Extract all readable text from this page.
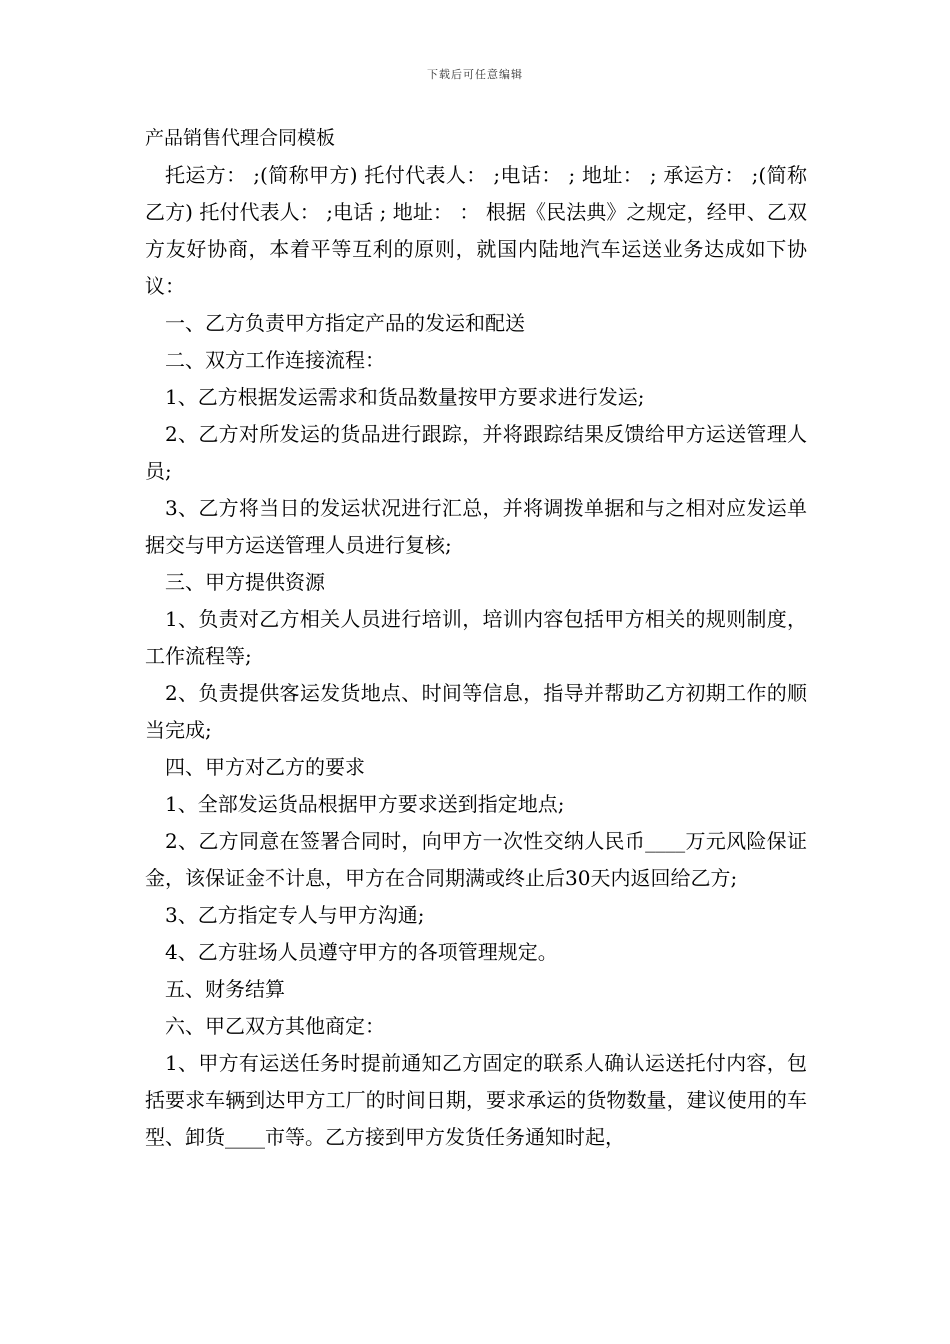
下载后可任意编辑
产品销售代理合同模板

托运方： ;(简称甲方) 托付代表人： ;电话： ; 地址： ; 承运方： ;(简称乙方) 托付代表人： ;电话 ; 地址： ： 根据《民法典》之规定，经甲、乙双方友好协商，本着平等互利的原则，就国内陆地汽车运送业务达成如下协议：

一、乙方负责甲方指定产品的发运和配送

二、双方工作连接流程：

1、乙方根据发运需求和货品数量按甲方要求进行发运;

2、乙方对所发运的货品进行跟踪，并将跟踪结果反馈给甲方运送管理人员;

3、乙方将当日的发运状况进行汇总，并将调拨单据和与之相对应发运单据交与甲方运送管理人员进行复核;

三、甲方提供资源

1、负责对乙方相关人员进行培训，培训内容包括甲方相关的规则制度，工作流程等;

2、负责提供客运发货地点、时间等信息，指导并帮助乙方初期工作的顺当完成;

四、甲方对乙方的要求

1、全部发运货品根据甲方要求送到指定地点;

2、乙方同意在签署合同时，向甲方一次性交纳人民币____万元风险保证金，该保证金不计息，甲方在合同期满或终止后30天内返回给乙方;

3、乙方指定专人与甲方沟通;

4、乙方驻场人员遵守甲方的各项管理规定。

五、财务结算

六、甲乙双方其他商定：

1、甲方有运送任务时提前通知乙方固定的联系人确认运送托付内容，包括要求车辆到达甲方工厂的时间日期，要求承运的货物数量，建议使用的车型、卸货____市等。乙方接到甲方发货任务通知时起，
